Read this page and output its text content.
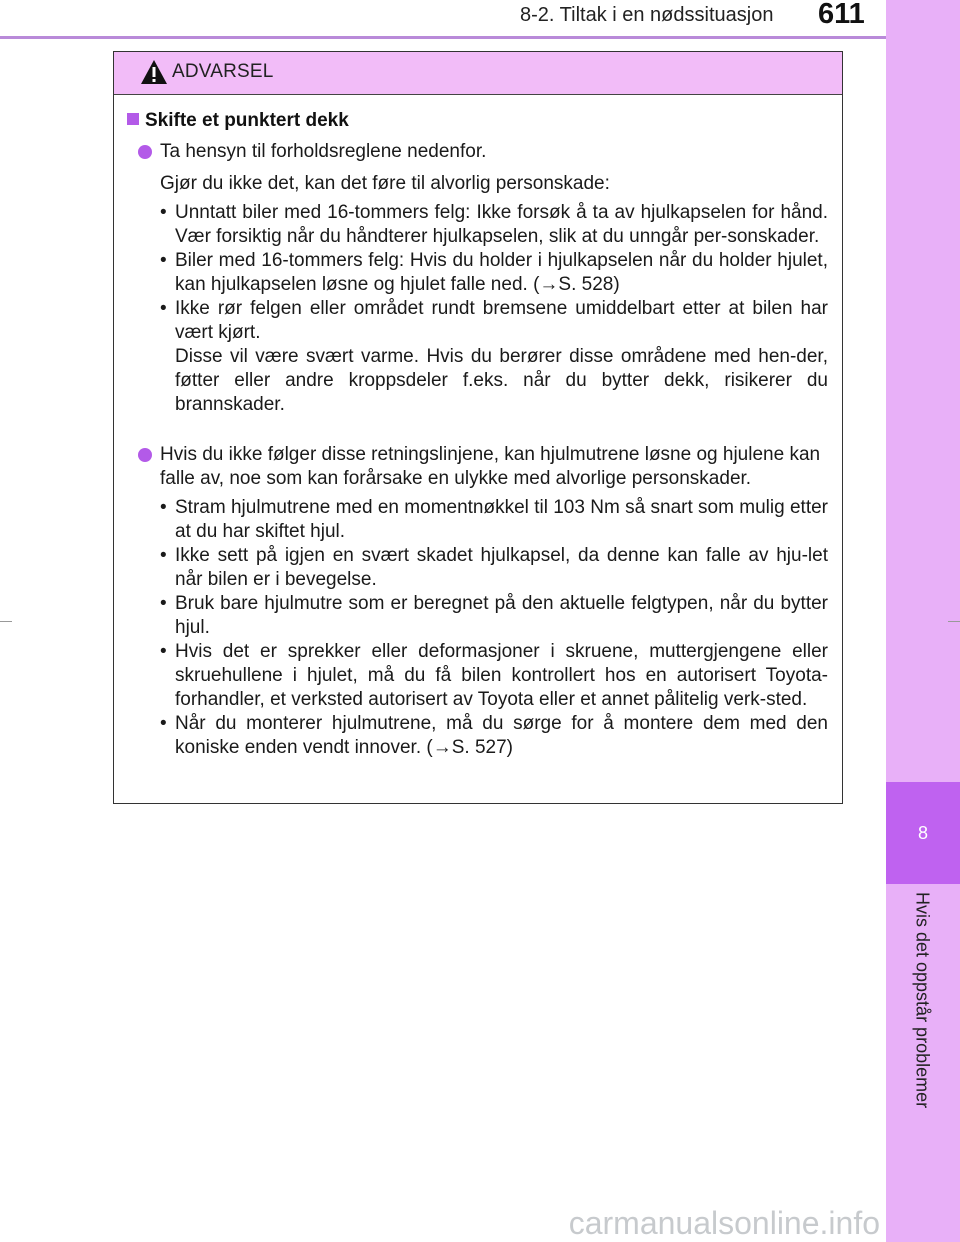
8-2. Tiltak i en nødssituasjon 611
8
Hvis det oppstår problemer
ADVARSEL
Skifte et punktert dekk
Ta hensyn til forholdsreglene nedenfor.
Gjør du ikke det, kan det føre til alvorlig personskade:
• Unntatt biler med 16-tommers felg: Ikke forsøk å ta av hjulkapselen for hånd. Vær forsiktig når du håndterer hjulkapselen, slik at du unngår per-sonskader.
• Biler med 16-tommers felg: Hvis du holder i hjulkapselen når du holder hjulet, kan hjulkapselen løsne og hjulet falle ned. (→S. 528)
• Ikke rør felgen eller området rundt bremsene umiddelbart etter at bilen har vært kjørt.
Disse vil være svært varme. Hvis du berører disse områdene med hen-der, føtter eller andre kroppsdeler f.eks. når du bytter dekk, risikerer du brannskader.
Hvis du ikke følger disse retningslinjene, kan hjulmutrene løsne og hjulene kan falle av, noe som kan forårsake en ulykke med alvorlige personskader.
• Stram hjulmutrene med en momentnøkkel til 103 Nm så snart som mulig etter at du har skiftet hjul.
• Ikke sett på igjen en svært skadet hjulkapsel, da denne kan falle av hju-let når bilen er i bevegelse.
• Bruk bare hjulmutre som er beregnet på den aktuelle felgtypen, når du bytter hjul.
• Hvis det er sprekker eller deformasjoner i skruene, muttergjengene eller skruehullene i hjulet, må du få bilen kontrollert hos en autorisert Toyota-forhandler, et verksted autorisert av Toyota eller et annet pålitelig verk-sted.
• Når du monterer hjulmutrene, må du sørge for å montere dem med den koniske enden vendt innover. (→S. 527)
carmanualsonline.info
